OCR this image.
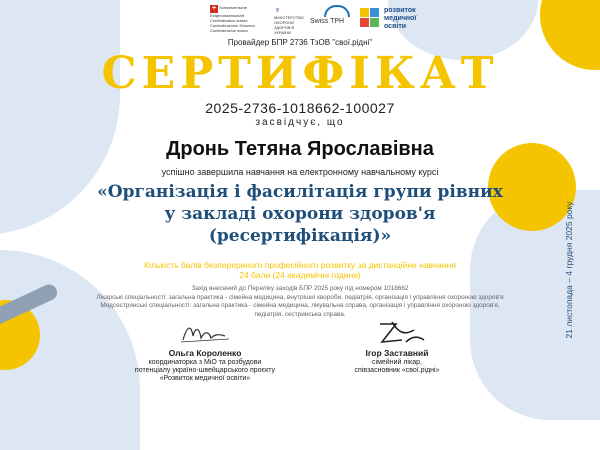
+ Schweizerische Eidgenossenschaft Confédération suisse Confederazione Svizzera Confederaziun svizra
♆
МІНІСТЕРСТВО ОХОРОНИ ЗДОРОВ'Я УКРАЇНИ
Swiss TPH
розвиток медичної освіти
Провайдер БПР 2736 ТзОВ "свої.рідні"
СЕРТИФІКАТ
2025-2736-1018662-100027
засвідчує, що
Дронь Тетяна Ярославівна
успішно завершила навчання на електронному навчальному курсі
«Організація і фасилітація групи рівних
у закладі охорони здоров'я
(ресертифікація)»
Кількість балів безперервного професійного розвитку за дистанційне навчання
24 бали (24 академічні години)
Захід внесений до Переліку заходів БПР 2025 року під номером 1018662
Лікарські спеціальності: загальна практика - сімейна медицина, внутрішні хвороби, педіатрія, організація і управління охороною здоров'я
Медсестринські спеціальності: загальна практика - сімейна медицина, лікувальна справа, організація і управління охороною здоров'я,
педіатрія, сестринська справа.	21 листопада – 4 грудня 2025 року
Ольга Короленко
координаторка з МіО та розбудови
потенціалу україно-швейцарського проєкту
«Розвиток медичної освіти»
Ігор Заставний
сімейний лікар,
співзасновник «свої.рідні»
